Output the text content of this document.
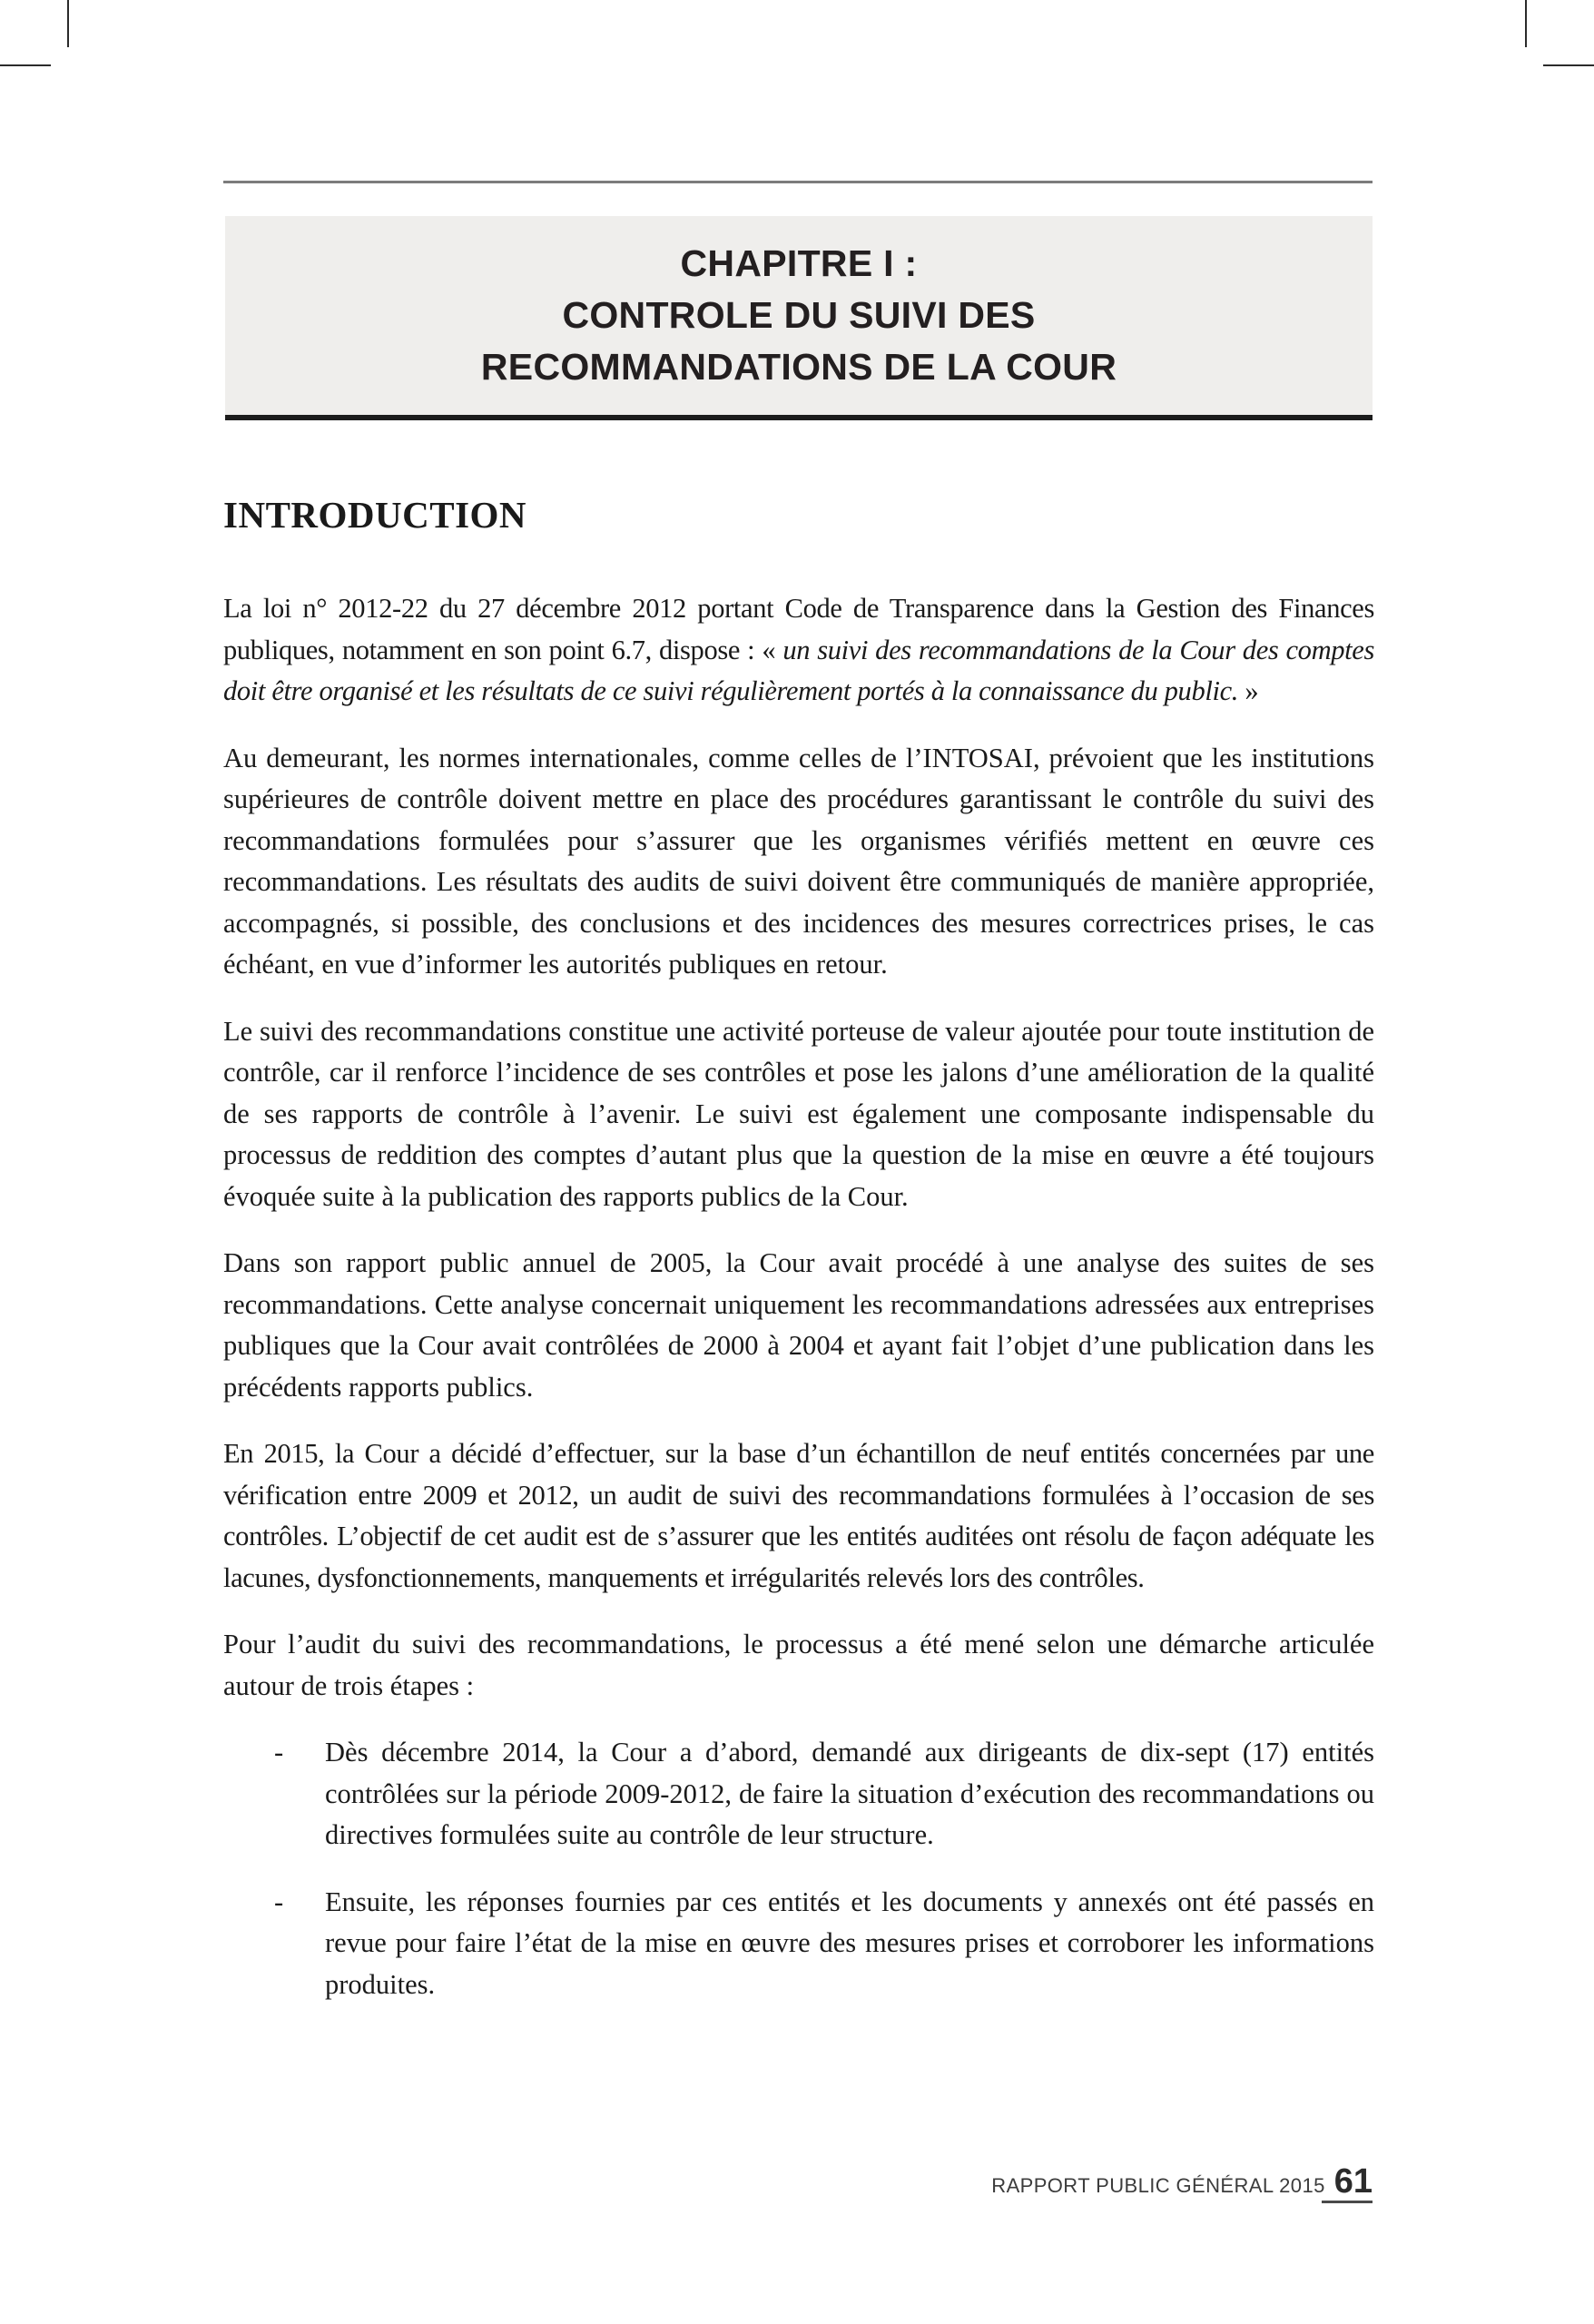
CHAPITRE I :
CONTROLE DU SUIVI DES
RECOMMANDATIONS DE LA COUR
INTRODUCTION

La loi n° 2012-22 du 27 décembre 2012 portant Code de Transparence dans la Gestion des Finances publiques, notamment en son point 6.7, dispose : « un suivi des recommandations de la Cour des comptes doit être organisé et les résultats de ce suivi régulièrement portés à la connaissance du public. »

Au demeurant, les normes internationales, comme celles de l’INTOSAI, prévoient que les institutions supérieures de contrôle doivent mettre en place des procédures garantissant le contrôle du suivi des recommandations formulées pour s’assurer que les organismes vérifiés mettent en œuvre ces recommandations. Les résultats des audits de suivi doivent être communiqués de manière appropriée, accompagnés, si possible, des conclusions et des incidences des mesures correctrices prises, le cas échéant, en vue d’informer les autorités publiques en retour.

Le suivi des recommandations constitue une activité porteuse de valeur ajoutée pour toute institution de contrôle, car il renforce l’incidence de ses contrôles et pose les jalons d’une amélioration de la qualité de ses rapports de contrôle à l’avenir. Le suivi est également une composante indispensable du processus de reddition des comptes d’autant plus que la question de la mise en œuvre a été toujours évoquée suite à la publication des rapports publics de la Cour.

Dans son rapport public annuel de 2005, la Cour avait procédé à une analyse des suites de ses recommandations. Cette analyse concernait uniquement les recommandations adressées aux entreprises publiques que la Cour avait contrôlées de 2000 à 2004 et ayant fait l’objet d’une publication dans les précédents rapports publics.

En 2015, la Cour a décidé d’effectuer, sur la base d’un échantillon de neuf entités concernées par une vérification entre 2009 et 2012, un audit de suivi des recommandations formulées à l’occasion de ses contrôles. L’objectif de cet audit est de s’assurer que les entités auditées ont résolu de façon adéquate les lacunes, dysfonctionnements, manquements et irrégularités relevés lors des contrôles.

Pour l’audit du suivi des recommandations, le processus a été mené selon une démarche articulée autour de trois étapes :

- Dès décembre 2014, la Cour a d’abord, demandé aux dirigeants de dix-sept (17) entités contrôlées sur la période 2009-2012, de faire la situation d’exécution des recommandations ou directives formulées suite au contrôle de leur structure.
- Ensuite, les réponses fournies par ces entités et les documents y annexés ont été passés en revue pour faire l’état de la mise en œuvre des mesures prises et corroborer les informations produites.
RAPPORT PUBLIC GÉNÉRAL 2015 61
